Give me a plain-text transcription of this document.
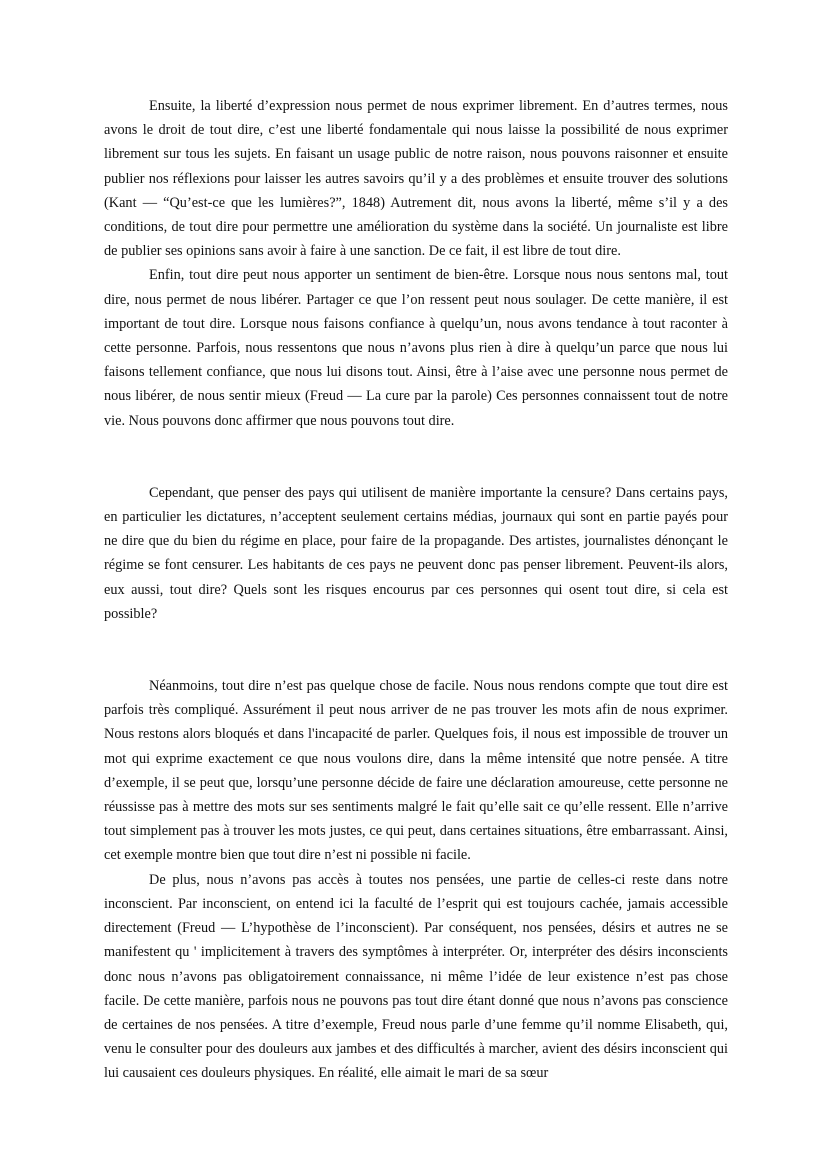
Ensuite, la liberté d’expression nous permet de nous exprimer librement. En d’autres termes, nous avons le droit de tout dire, c’est une liberté fondamentale qui nous laisse la possibilité de nous exprimer librement sur tous les sujets. En faisant un usage public de notre raison, nous pouvons raisonner et ensuite publier nos réflexions pour laisser les autres savoirs qu’il y a des problèmes et ensuite trouver des solutions (Kant — “Qu’est-ce que les lumières?”, 1848) Autrement dit, nous avons la liberté, même s’il y a des conditions, de tout dire pour permettre une amélioration du système dans la société. Un journaliste est libre de publier ses opinions sans avoir à faire à une sanction. De ce fait, il est libre de tout dire.

Enfin, tout dire peut nous apporter un sentiment de bien-être. Lorsque nous nous sentons mal, tout dire, nous permet de nous libérer. Partager ce que l’on ressent peut nous soulager. De cette manière, il est important de tout dire. Lorsque nous faisons confiance à quelqu’un, nous avons tendance à tout raconter à cette personne. Parfois, nous ressentons que nous n’avons plus rien à dire à quelqu’un parce que nous lui faisons tellement confiance, que nous lui disons tout. Ainsi, être à l’aise avec une personne nous permet de nous libérer, de nous sentir mieux (Freud — La cure par la parole) Ces personnes connaissent tout de notre vie. Nous pouvons donc affirmer que nous pouvons tout dire.

Cependant, que penser des pays qui utilisent de manière importante la censure? Dans certains pays, en particulier les dictatures, n’acceptent seulement certains médias, journaux qui sont en partie payés pour ne dire que du bien du régime en place, pour faire de la propagande. Des artistes, journalistes dénonçant le régime se font censurer. Les habitants de ces pays ne peuvent donc pas penser librement. Peuvent-ils alors, eux aussi, tout dire? Quels sont les risques encourus par ces personnes qui osent tout dire, si cela est possible?

Néanmoins, tout dire n’est pas quelque chose de facile. Nous nous rendons compte que tout dire est parfois très compliqué. Assurément il peut nous arriver de ne pas trouver les mots afin de nous exprimer. Nous restons alors bloqués et dans l'incapacité de parler. Quelques fois, il nous est impossible de trouver un mot qui exprime exactement ce que nous voulons dire, dans la même intensité que notre pensée. A titre d’exemple, il se peut que, lorsqu’une personne décide de faire une déclaration amoureuse, cette personne ne réussisse pas à mettre des mots sur ses sentiments malgré le fait qu’elle sait ce qu’elle ressent. Elle n’arrive tout simplement pas à trouver les mots justes, ce qui peut, dans certaines situations, être embarrassant. Ainsi, cet exemple montre bien que tout dire n’est ni possible ni facile.

De plus, nous n’avons pas accès à toutes nos pensées, une partie de celles-ci reste dans notre inconscient. Par inconscient, on entend ici la faculté de l’esprit qui est toujours cachée, jamais accessible directement (Freud — L’hypothèse de l’inconscient). Par conséquent, nos pensées, désirs et autres ne se manifestent qu ' implicitement à travers des symptômes à interpréter. Or, interpréter des désirs inconscients donc nous n’avons pas obligatoirement connaissance, ni même l’idée de leur existence n’est pas chose facile. De cette manière, parfois nous ne pouvons pas tout dire étant donné que nous n’avons pas conscience de certaines de nos pensées. A titre d’exemple, Freud nous parle d’une femme qu’il nomme Elisabeth, qui, venu le consulter pour des douleurs aux jambes et des difficultés à marcher, avient des désirs inconscient qui lui causaient ces douleurs physiques. En réalité, elle aimait le mari de sa sœur
